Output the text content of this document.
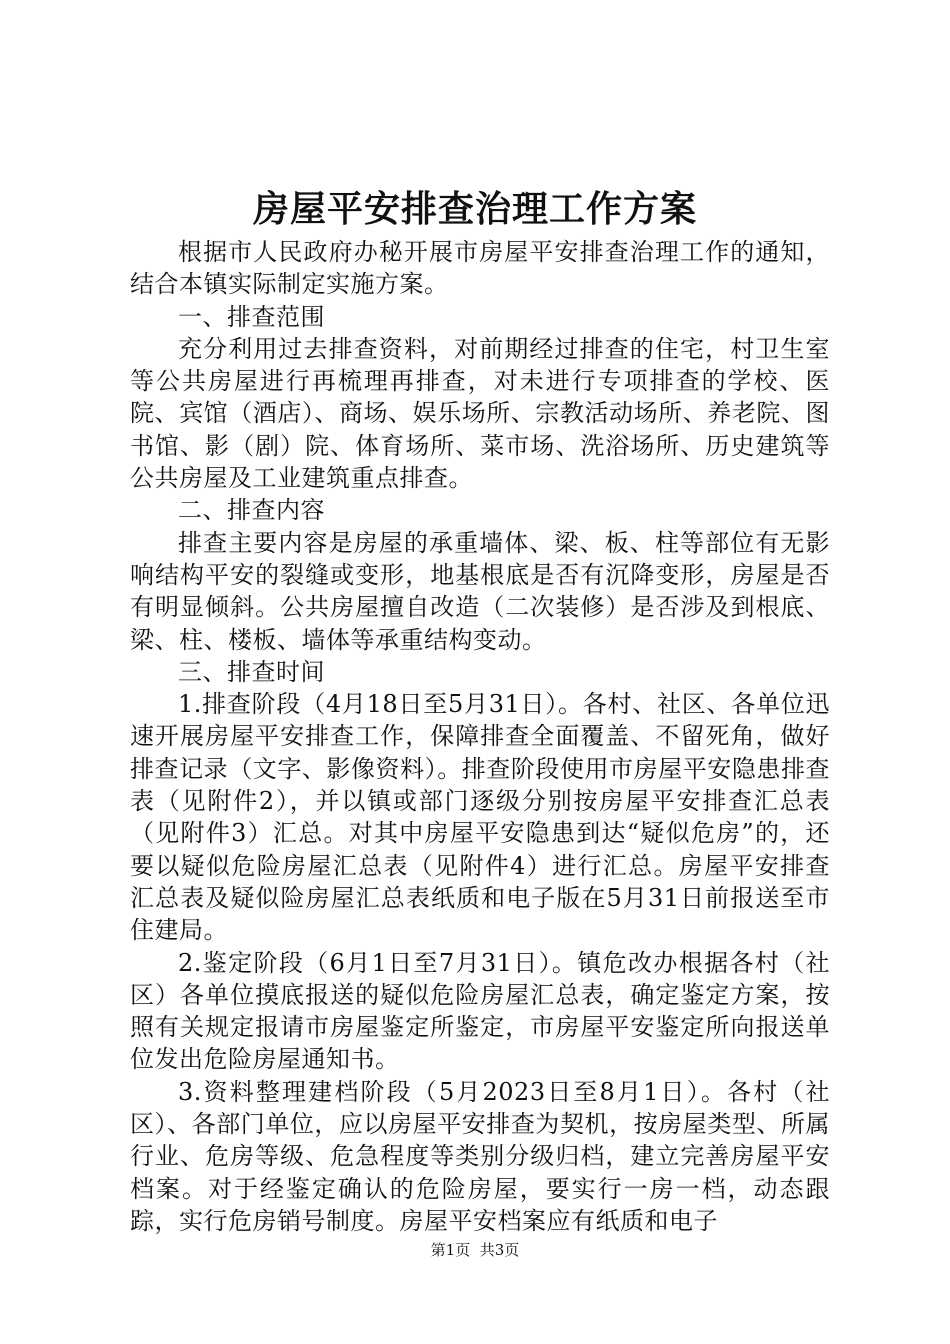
房屋平安排查治理工作方案

根据市人民政府办秘开展市房屋平安排查治理工作的通知，结合本镇实际制定实施方案。

一、排查范围

充分利用过去排查资料，对前期经过排查的住宅，村卫生室等公共房屋进行再梳理再排查，对未进行专项排查的学校、医院、宾馆（酒店）、商场、娱乐场所、宗教活动场所、养老院、图书馆、影（剧）院、体育场所、菜市场、洗浴场所、历史建筑等公共房屋及工业建筑重点排查。

二、排查内容

排查主要内容是房屋的承重墙体、梁、板、柱等部位有无影响结构平安的裂缝或变形，地基根底是否有沉降变形，房屋是否有明显倾斜。公共房屋擅自改造（二次装修）是否涉及到根底、梁、柱、楼板、墙体等承重结构变动。

三、排查时间

1.排查阶段（4月18日至5月31日）。各村、社区、各单位迅速开展房屋平安排查工作，保障排查全面覆盖、不留死角，做好排查记录（文字、影像资料）。排查阶段使用市房屋平安隐患排查表（见附件2），并以镇或部门逐级分别按房屋平安排查汇总表（见附件3）汇总。对其中房屋平安隐患到达“疑似危房”的，还要以疑似危险房屋汇总表（见附件4）进行汇总。房屋平安排查汇总表及疑似险房屋汇总表纸质和电子版在5月31日前报送至市住建局。

2.鉴定阶段（6月1日至7月31日）。镇危改办根据各村（社区）各单位摸底报送的疑似危险房屋汇总表，确定鉴定方案，按照有关规定报请市房屋鉴定所鉴定，市房屋平安鉴定所向报送单位发出危险房屋通知书。

3.资料整理建档阶段（5月2023日至8月1日）。各村（社区）、各部门单位，应以房屋平安排查为契机，按房屋类型、所属行业、危房等级、危急程度等类别分级归档，建立完善房屋平安档案。对于经鉴定确认的危险房屋，要实行一房一档，动态跟踪，实行危房销号制度。房屋平安档案应有纸质和电子

第1页 共3页
